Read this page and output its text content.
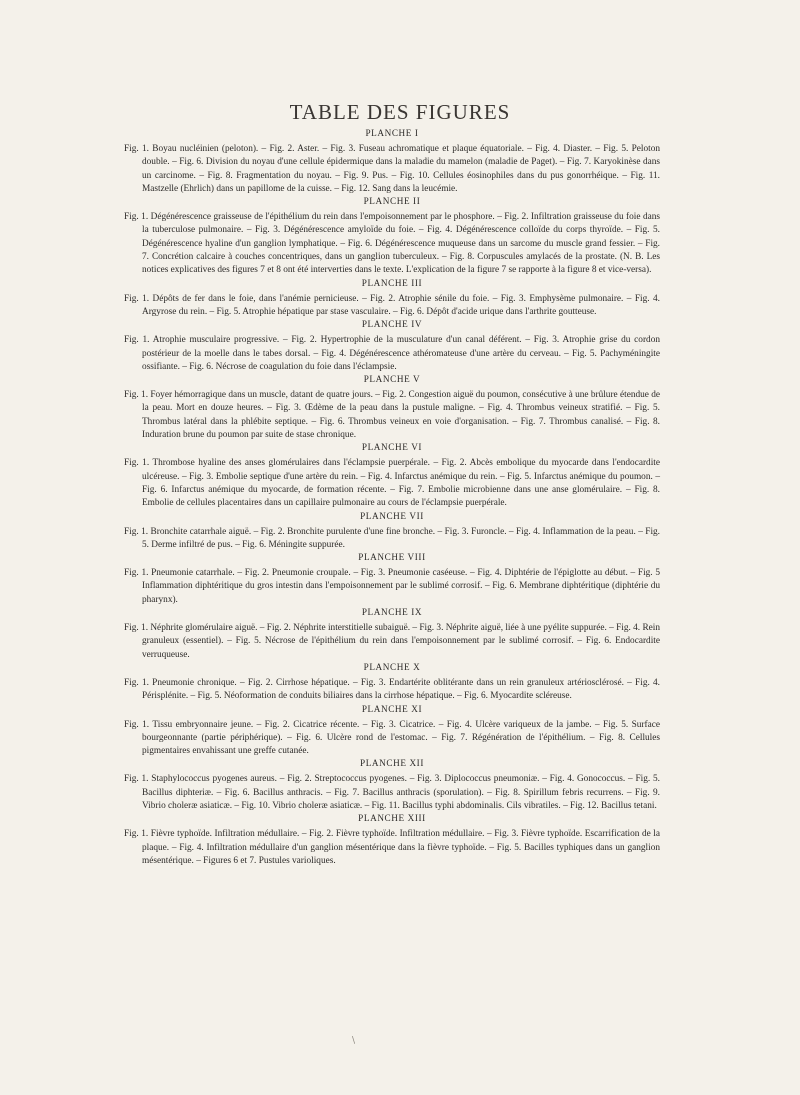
TABLE DES FIGURES
PLANCHE I

Fig. 1. Boyau nucléinien (peloton). – Fig. 2. Aster. – Fig. 3. Fuseau achromatique et plaque équatoriale. – Fig. 4. Diaster. – Fig. 5. Peloton double. – Fig. 6. Division du noyau d'une cellule épidermique dans la maladie du mamelon (maladie de Paget). – Fig. 7. Karyokinèse dans un carcinome. – Fig. 8. Fragmentation du noyau. – Fig. 9. Pus. – Fig. 10. Cellules éosinophiles dans du pus gonorrhéique. – Fig. 11. Mastzelle (Ehrlich) dans un papillome de la cuisse. – Fig. 12. Sang dans la leucémie.

PLANCHE II

Fig. 1. Dégénérescence graisseuse de l'épithélium du rein dans l'empoisonnement par le phosphore. – Fig. 2. Infiltration graisseuse du foie dans la tuberculose pulmonaire. – Fig. 3. Dégénérescence amyloïde du foie. – Fig. 4. Dégénérescence colloïde du corps thyroïde. – Fig. 5. Dégénérescence hyaline d'un ganglion lymphatique. – Fig. 6. Dégénérescence muqueuse dans un sarcome du muscle grand fessier. – Fig. 7. Concrétion calcaire à couches concentriques, dans un ganglion tuberculeux. – Fig. 8. Corpuscules amylacés de la prostate. (N. B. Les notices explicatives des figures 7 et 8 ont été interverties dans le texte. L'explication de la figure 7 se rapporte à la figure 8 et vice-versa).

PLANCHE III

Fig. 1. Dépôts de fer dans le foie, dans l'anémie pernicieuse. – Fig. 2. Atrophie sénile du foie. – Fig. 3. Emphysème pulmonaire. – Fig. 4. Argyrose du rein. – Fig. 5. Atrophie hépatique par stase vasculaire. – Fig. 6. Dépôt d'acide urique dans l'arthrite goutteuse.

PLANCHE IV

Fig. 1. Atrophie musculaire progressive. – Fig. 2. Hypertrophie de la musculature d'un canal déférent. – Fig. 3. Atrophie grise du cordon postérieur de la moelle dans le tabes dorsal. – Fig. 4. Dégénérescence athéromateuse d'une artère du cerveau. – Fig. 5. Pachyméningite ossifiante. – Fig. 6. Nécrose de coagulation du foie dans l'éclampsie.

PLANCHE V

Fig. 1. Foyer hémorragique dans un muscle, datant de quatre jours. – Fig. 2. Congestion aiguë du poumon, consécutive à une brûlure étendue de la peau. Mort en douze heures. – Fig. 3. Œdème de la peau dans la pustule maligne. – Fig. 4. Thrombus veineux stratifié. – Fig. 5. Thrombus latéral dans la phlébite septique. – Fig. 6. Thrombus veineux en voie d'organisation. – Fig. 7. Thrombus canalisé. – Fig. 8. Induration brune du poumon par suite de stase chronique.

PLANCHE VI

Fig. 1. Thrombose hyaline des anses glomérulaires dans l'éclampsie puerpérale. – Fig. 2. Abcès embolique du myocarde dans l'endocardite ulcéreuse. – Fig. 3. Embolie septique d'une artère du rein. – Fig. 4. Infarctus anémique du rein. – Fig. 5. Infarctus anémique du poumon. – Fig. 6. Infarctus anémique du myocarde, de formation récente. – Fig. 7. Embolie microbienne dans une anse glomérulaire. – Fig. 8. Embolie de cellules placentaires dans un capillaire pulmonaire au cours de l'éclampsie puerpérale.

PLANCHE VII

Fig. 1. Bronchite catarrhale aiguë. – Fig. 2. Bronchite purulente d'une fine bronche. – Fig. 3. Furoncle. – Fig. 4. Inflammation de la peau. – Fig. 5. Derme infiltré de pus. – Fig. 6. Méningite suppurée.

PLANCHE VIII

Fig. 1. Pneumonie catarrhale. – Fig. 2. Pneumonie croupale. – Fig. 3. Pneumonie caséeuse. – Fig. 4. Diphtérie de l'épiglotte au début. – Fig. 5 Inflammation diphtéritique du gros intestin dans l'empoisonnement par le sublimé corrosif. – Fig. 6. Membrane diphtéritique (diphtérie du pharynx).

PLANCHE IX

Fig. 1. Néphrite glomérulaire aiguë. – Fig. 2. Néphrite interstitielle subaiguë. – Fig. 3. Néphrite aiguë, liée à une pyélite suppurée. – Fig. 4. Rein granuleux (essentiel). – Fig. 5. Nécrose de l'épithélium du rein dans l'empoisonnement par le sublimé corrosif. – Fig. 6. Endocardite verruqueuse.

PLANCHE X

Fig. 1. Pneumonie chronique. – Fig. 2. Cirrhose hépatique. – Fig. 3. Endartérite oblitérante dans un rein granuleux artériosclérosé. – Fig. 4. Périsplénite. – Fig. 5. Néoformation de conduits biliaires dans la cirrhose hépatique. – Fig. 6. Myocardite scléreuse.

PLANCHE XI

Fig. 1. Tissu embryonnaire jeune. – Fig. 2. Cicatrice récente. – Fig. 3. Cicatrice. – Fig. 4. Ulcère variqueux de la jambe. – Fig. 5. Surface bourgeonnante (partie périphérique). – Fig. 6. Ulcère rond de l'estomac. – Fig. 7. Régénération de l'épithélium. – Fig. 8. Cellules pigmentaires envahissant une greffe cutanée.

PLANCHE XII

Fig. 1. Staphylococcus pyogenes aureus. – Fig. 2. Streptococcus pyogenes. – Fig. 3. Diplococcus pneumoniæ. – Fig. 4. Gonococcus. – Fig. 5. Bacillus diphteriæ. – Fig. 6. Bacillus anthracis. – Fig. 7. Bacillus anthracis (sporulation). – Fig. 8. Spirillum febris recurrens. – Fig. 9. Vibrio choleræ asiaticæ. – Fig. 10. Vibrio choleræ asiaticæ. – Fig. 11. Bacillus typhi abdominalis. Cils vibratiles. – Fig. 12. Bacillus tetani.

PLANCHE XIII

Fig. 1. Fièvre typhoïde. Infiltration médullaire. – Fig. 2. Fièvre typhoïde. Infiltration médullaire. – Fig. 3. Fièvre typhoïde. Escarrification de la plaque. – Fig. 4. Infiltration médullaire d'un ganglion mésentérique dans la fièvre typhoïde. – Fig. 5. Bacilles typhiques dans un ganglion mésentérique. – Figures 6 et 7. Pustules varioliques.

\
